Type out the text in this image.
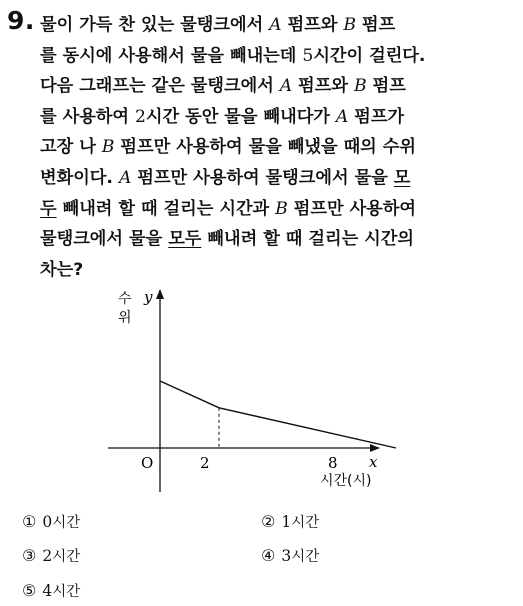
9. 물이 가득 찬 있는 물탱크에서 A 펌프와 B 펌프
를 동시에 사용해서 물을 빼내는데 5시간이 걸린다.
다음 그래프는 같은 물탱크에서 A 펌프와 B 펌프
를 사용하여 2시간 동안 물을 빼내다가 A 펌프가
고장 나 B 펌프만 사용하여 물을 빼냈을 때의 수위
변화이다. A 펌프만 사용하여 물탱크에서 물을 모
두 빼내려 할 때 걸리는 시간과 B 펌프만 사용하여
물탱크에서 물을 모두 빼내려 할 때 걸리는 시간의
차는?
수
위
y
x
시간(시)
O	2	8
① 0시간	② 1시간
③ 2시간	④ 3시간
⑤ 4시간
